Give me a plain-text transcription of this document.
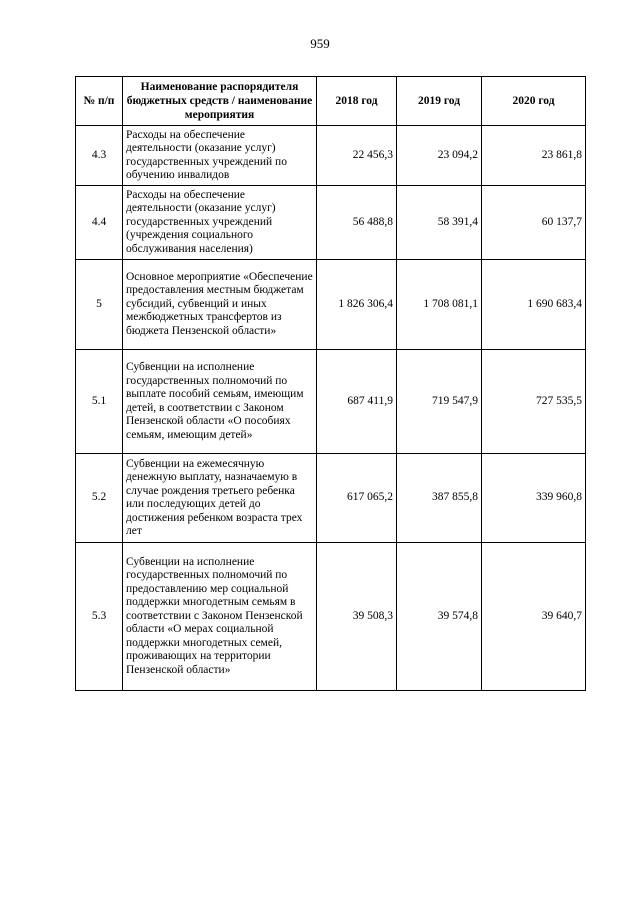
959
№ п/п	Наименование распорядителя бюджетных средств / наименование мероприятия	2018 год	2019 год	2020 год
4.3	Расходы на обеспечение деятельности (оказание услуг) государственных учреждений по обучению инвалидов	22 456,3	23 094,2	23 861,8
4.4	Расходы на обеспечение деятельности (оказание услуг) государственных учреждений (учреждения социального обслуживания населения)	56 488,8	58 391,4	60 137,7
5	Основное мероприятие «Обеспечение предоставления местным бюджетам субсидий, субвенций и иных межбюджетных трансфертов из бюджета Пензенской области»	1 826 306,4	1 708 081,1	1 690 683,4
5.1	Субвенции на исполнение государственных полномочий по выплате пособий семьям, имеющим детей, в соответствии с Законом Пензенской области «О пособиях семьям, имеющим детей»	687 411,9	719 547,9	727 535,5
5.2	Субвенции на ежемесячную денежную выплату, назначаемую в случае рождения третьего ребенка или последующих детей до достижения ребенком возраста трех лет	617 065,2	387 855,8	339 960,8
5.3	Субвенции на исполнение государственных полномочий по предоставлению мер социальной поддержки многодетным семьям в соответствии с Законом Пензенской области «О мерах социальной поддержки многодетных семей, проживающих на территории Пензенской области»	39 508,3	39 574,8	39 640,7
